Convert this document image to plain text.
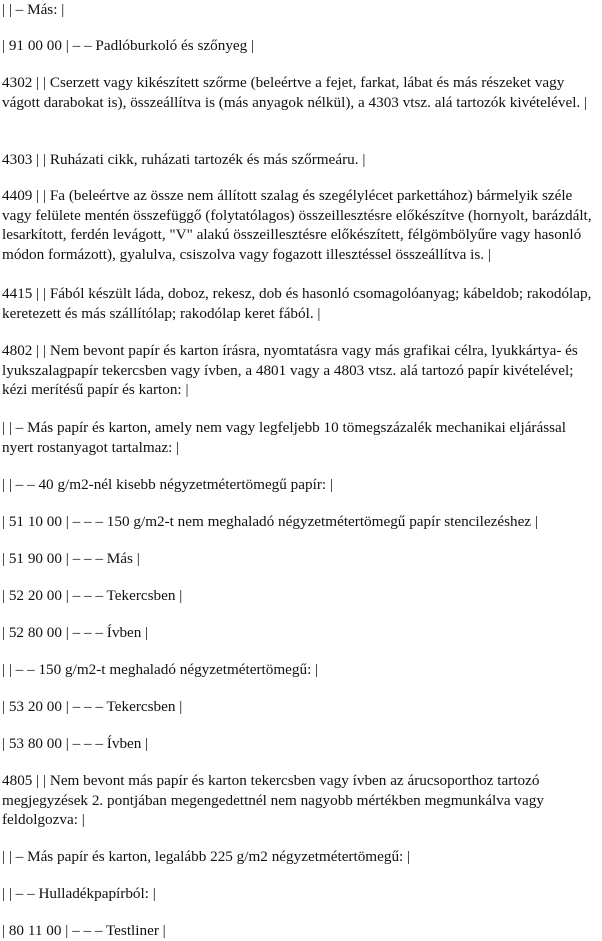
| | – Más: |

| 91 00 00 | – – Padlóburkoló és szőnyeg |

4302 | | Cserzett vagy kikészített szőrme (beleértve a fejet, farkat, lábat és más részeket vagy vágott darabokat is), összeállítva is (más anyagok nélkül), a 4303 vtsz. alá tartozók kivételével. |

4303 | | Ruházati cikk, ruházati tartozék és más szőrmeáru. |

4409 | | Fa (beleértve az össze nem állított szalag és szegélylécet parkettához) bármelyik széle vagy felülete mentén összefüggő (folytatólagos) összeillesztésre előkészítve (hornyolt, barázdált, lesarkított, ferdén levágott, "V" alakú összeillesztésre előkészített, félgömbölyűre vagy hasonló módon formázott), gyalulva, csiszolva vagy fogazott illesztéssel összeállítva is. |

4415 | | Fából készült láda, doboz, rekesz, dob és hasonló csomagolóanyag; kábeldob; rakodólap, keretezett és más szállítólap; rakodólap keret fából. |

4802 | | Nem bevont papír és karton írásra, nyomtatásra vagy más grafikai célra, lyukkártya- és lyukszalagpapír tekercsben vagy ívben, a 4801 vagy a 4803 vtsz. alá tartozó papír kivételével; kézi merítésű papír és karton: |

| | – Más papír és karton, amely nem vagy legfeljebb 10 tömegszázalék mechanikai eljárással nyert rostanyagot tartalmaz: |

| | – – 40 g/m2-nél kisebb négyzetmétertömegű papír: |

| 51 10 00 | – – – 150 g/m2-t nem meghaladó négyzetmétertömegű papír stencilezéshez |

| 51 90 00 | – – – Más |

| 52 20 00 | – – – Tekercsben |

| 52 80 00 | – – – Ívben |

| | – – 150 g/m2-t meghaladó négyzetmétertömegű: |

| 53 20 00 | – – – Tekercsben |

| 53 80 00 | – – – Ívben |

4805 | | Nem bevont más papír és karton tekercsben vagy ívben az árucsoporthoz tartozó megjegyzések 2. pontjában megengedettnél nem nagyobb mértékben megmunkálva vagy feldolgozva: |

| | – Más papír és karton, legalább 225 g/m2 négyzetmétertömegű: |

| | – – Hulladékpapírból: |

| 80 11 00 | – – – Testliner |
